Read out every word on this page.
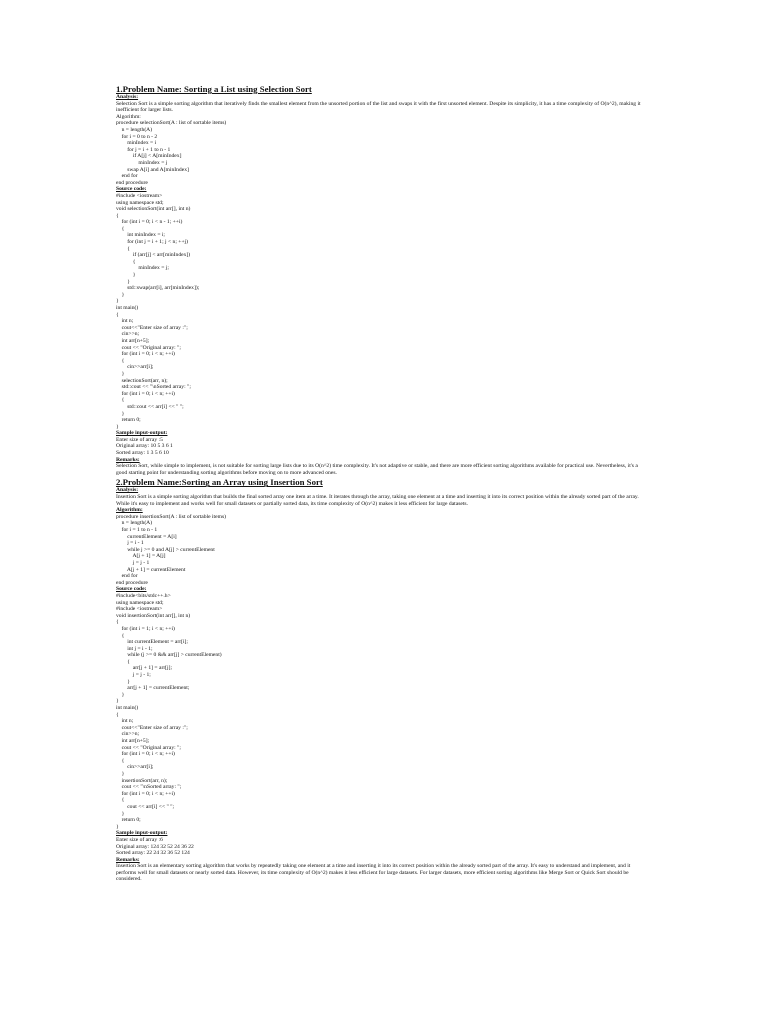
1.Problem Name: Sorting a List using Selection Sort

Analysis:

Selection Sort is a simple sorting algorithm that iteratively finds the smallest element from the unsorted portion of the list and swaps it with the first unsorted element. Despite its simplicity, it has a time complexity of O(n^2), making it inefficient for larger lists.

Algorithm:

procedure selectionSort(A : list of sortable items)

n = length(A)

for i = 0 to n - 2

minIndex = i

for j = i + 1 to n - 1

if A[j] < A[minIndex]

minIndex = j

swap A[i] and A[minIndex]

end for

end procedure

Source code:

#include <iostream>

using namespace std;

void selectionSort(int arr[], int n)

{

for (int i = 0; i < n - 1; ++i)

{

int minIndex = i;

for (int j = i + 1; j < n; ++j)

{

if (arr[j] < arr[minIndex])

{

minIndex = j;

}

}

std::swap(arr[i], arr[minIndex]);

}

}

int main()

{

int n;

cout<<"Enter size of array :";

cin>>n;

int arr[n+5];

cout << "Original array: ";

for (int i = 0; i < n; ++i)

{

cin>>arr[i];

}

selectionSort(arr, n);

std::cout << "\nSorted array: ";

for (int i = 0; i < n; ++i)

{

std::cout << arr[i] << " ";

}

return 0;

}

Sample input-output:

Enter size of array :5

Original array: 10 5 3 6 1

Sorted array: 1 3 5 6 10

Remarks:

Selection Sort, while simple to implement, is not suitable for sorting large lists due to its O(n^2) time complexity. It's not adaptive or stable, and there are more efficient sorting algorithms available for practical use. Nevertheless, it's a good starting point for understanding sorting algorithms before moving on to more advanced ones.

2.Problem Name:Sorting an Array using Insertion Sort

Analysis:

Insertion Sort is a simple sorting algorithm that builds the final sorted array one item at a time. It iterates through the array, taking one element at a time and inserting it into its correct position within the already sorted part of the array. While it's easy to implement and works well for small datasets or partially sorted data, its time complexity of O(n^2) makes it less efficient for large datasets.

Algorithm:

procedure insertionSort(A : list of sortable items)

n = length(A)

for i = 1 to n - 1

currentElement = A[i]

j = i - 1

while j >= 0 and A[j] > currentElement

A[j + 1] = A[j]

j = j - 1

A[j + 1] = currentElement

end for

end procedure

Source code:

#include<bits/stdc++.h>

using namespace std;

#include <iostream>

void insertionSort(int arr[], int n)

{

for (int i = 1; i < n; ++i)

{

int currentElement = arr[i];

int j = i - 1;

while (j >= 0 && arr[j] > currentElement)

{

arr[j + 1] = arr[j];

j = j - 1;

}

arr[j + 1] = currentElement;

}

}

int main()

{

int n;

cout<<"Enter size of array :";

cin>>n;

int arr[n+5];

cout << "Original array: ";

for (int i = 0; i < n; ++i)

{

cin>>arr[i];

}

insertionSort(arr, n);

cout << "\nSorted array: ";

for (int i = 0; i < n; ++i)

{

cout << arr[i] << " ";

}

return 0;

}

Sample input-output:

Enter size of array :6

Original array: 124 32 52 24 36 22

Sorted array: 22 24 32 36 52 124

Remarks:

Insertion Sort is an elementary sorting algorithm that works by repeatedly taking one element at a time and inserting it into its correct position within the already sorted part of the array. It's easy to understand and implement, and it performs well for small datasets or nearly sorted data. However, its time complexity of O(n^2) makes it less efficient for large datasets. For larger datasets, more efficient sorting algorithms like Merge Sort or Quick Sort should be considered.
